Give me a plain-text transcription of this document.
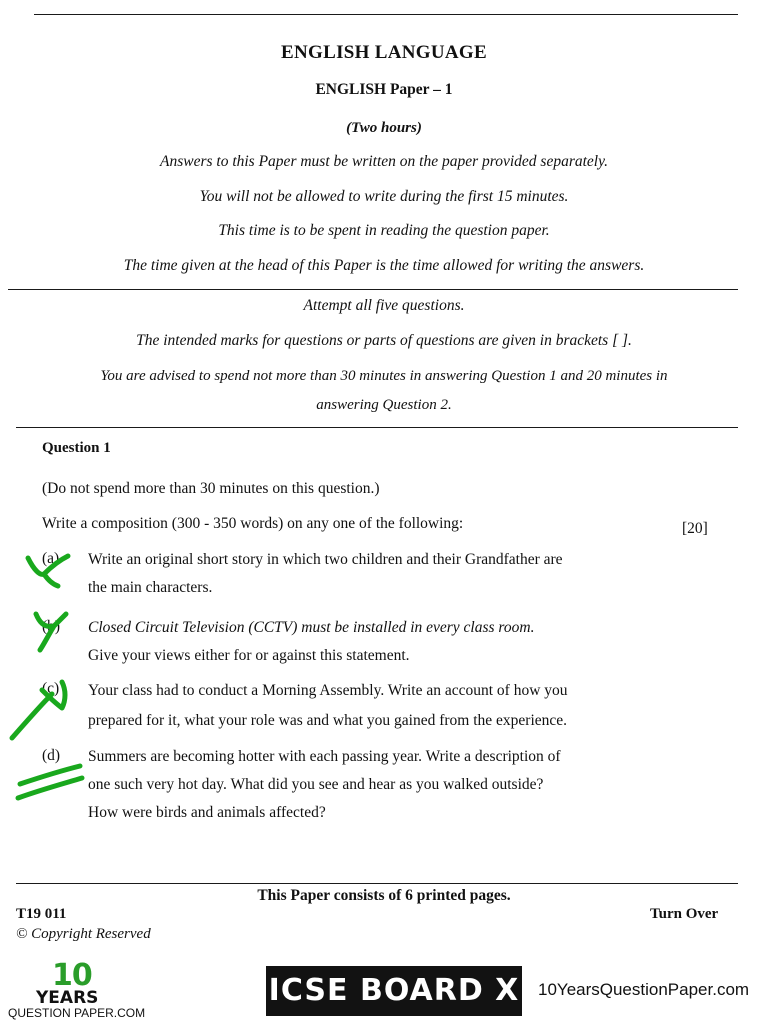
ENGLISH LANGUAGE
ENGLISH Paper – 1
(Two hours)
Answers to this Paper must be written on the paper provided separately.
You will not be allowed to write during the first 15 minutes.
This time is to be spent in reading the question paper.
The time given at the head of this Paper is the time allowed for writing the answers.
Attempt all five questions.
The intended marks for questions or parts of questions are given in brackets [ ].
You are advised to spend not more than 30 minutes in answering Question 1 and 20 minutes in
answering Question 2.
Question 1
(Do not spend more than 30 minutes on this question.)
Write a composition (300 - 350 words) on any one of the following:	[20]
(a) Write an original short story in which two children and their Grandfather are
the main characters.
(b) Closed Circuit Television (CCTV) must be installed in every class room.
Give your views either for or against this statement.
(c) Your class had to conduct a Morning Assembly. Write an account of how you
prepared for it, what your role was and what you gained from the experience.
(d) Summers are becoming hotter with each passing year. Write a description of
one such very hot day. What did you see and hear as you walked outside?
How were birds and animals affected?
This Paper consists of 6 printed pages.
T19 011
© Copyright Reserved
Turn Over
10
YEARS
QUESTION PAPER.COM
ICSE BOARD X 10YearsQuestionPaper.com
